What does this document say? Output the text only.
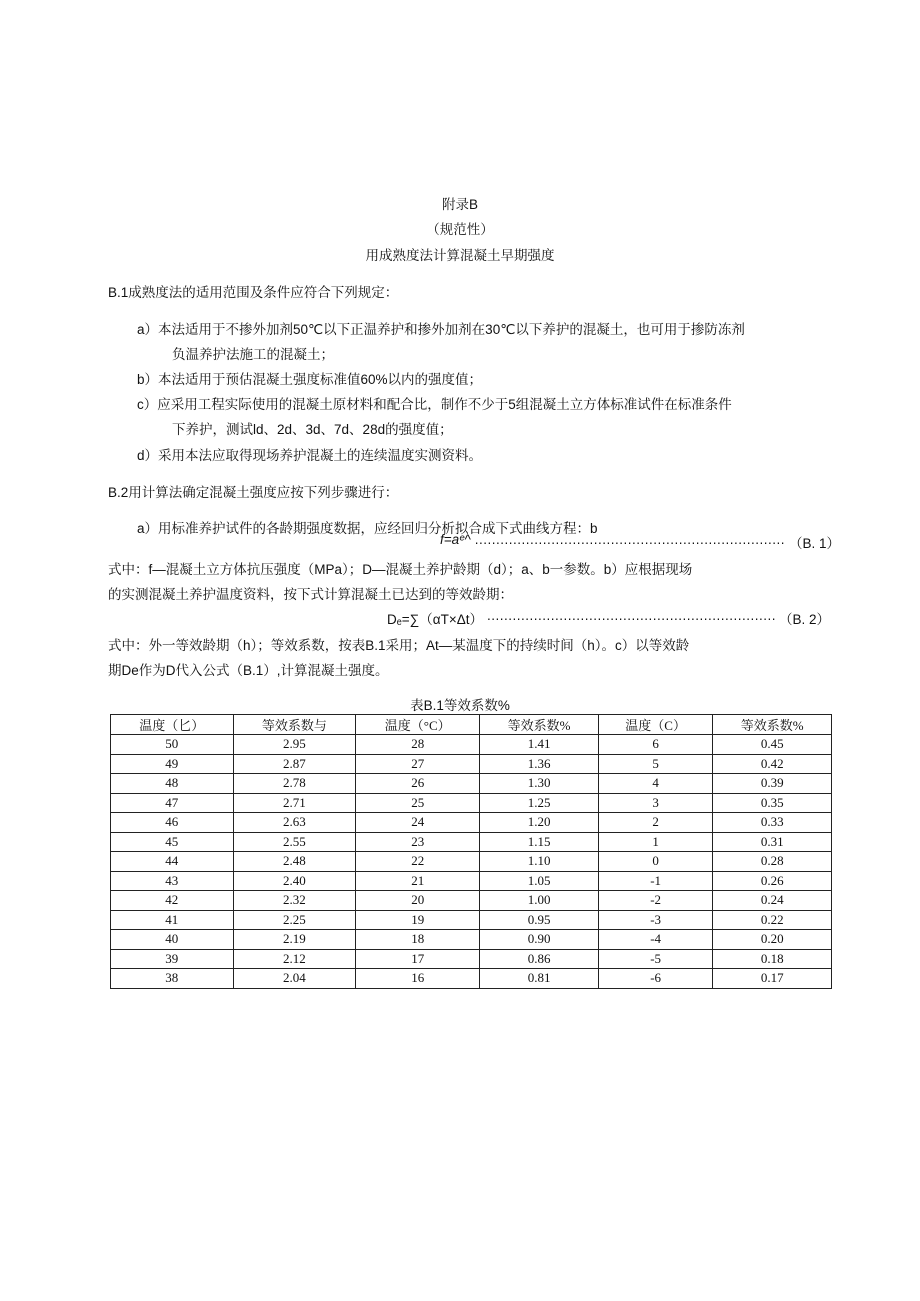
附录B
（规范性）
用成熟度法计算混凝土早期强度
B.1成熟度法的适用范围及条件应符合下列规定：
a）本法适用于不掺外加剂50℃以下正温养护和掺外加剂在30℃以下养护的混凝土，也可用于掺防冻剂
负温养护法施工的混凝土；
b）本法适用于预估混凝土强度标准值60%以内的强度值；
c）应采用工程实际使用的混凝土原材料和配合比，制作不少于5组混凝土立方体标准试件在标准条件
下养护，测试ld、2d、3d、7d、28d的强度值；
d）采用本法应取得现场养护混凝土的连续温度实测资料。
B.2用计算法确定混凝土强度应按下列步骤进行：
a）用标准养护试件的各龄期强度数据，应经回归分析拟合成下式曲线方程：b
f=aᵉ^ .....	（B. 1）
式中：f—混凝土立方体抗压强度（MPa）；D—混凝土养护龄期（d）；a、b一参数。b）应根据现场
的实测混凝土养护温度资料，按下式计算混凝土已达到的等效龄期：
Dₑ=∑（αT×Δt） .....	（B. 2）
式中：外一等效龄期（h）；等效系数，按表B.1采用；At—某温度下的持续时间（h）。c）以等效龄
期De作为D代入公式（B.1）,计算混凝土强度。
表B.1等效系数%
温度（匕）	等效系数与	温度（°C）	等效系数%	温度（C）	等效系数%
50	2.95	28	1.41	6	0.45
49	2.87	27	1.36	5	0.42
48	2.78	26	1.30	4	0.39
47	2.71	25	1.25	3	0.35
46	2.63	24	1.20	2	0.33
45	2.55	23	1.15	1	0.31
44	2.48	22	1.10	0	0.28
43	2.40	21	1.05	-1	0.26
42	2.32	20	1.00	-2	0.24
41	2.25	19	0.95	-3	0.22
40	2.19	18	0.90	-4	0.20
39	2.12	17	0.86	-5	0.18
38	2.04	16	0.81	-6	0.17
